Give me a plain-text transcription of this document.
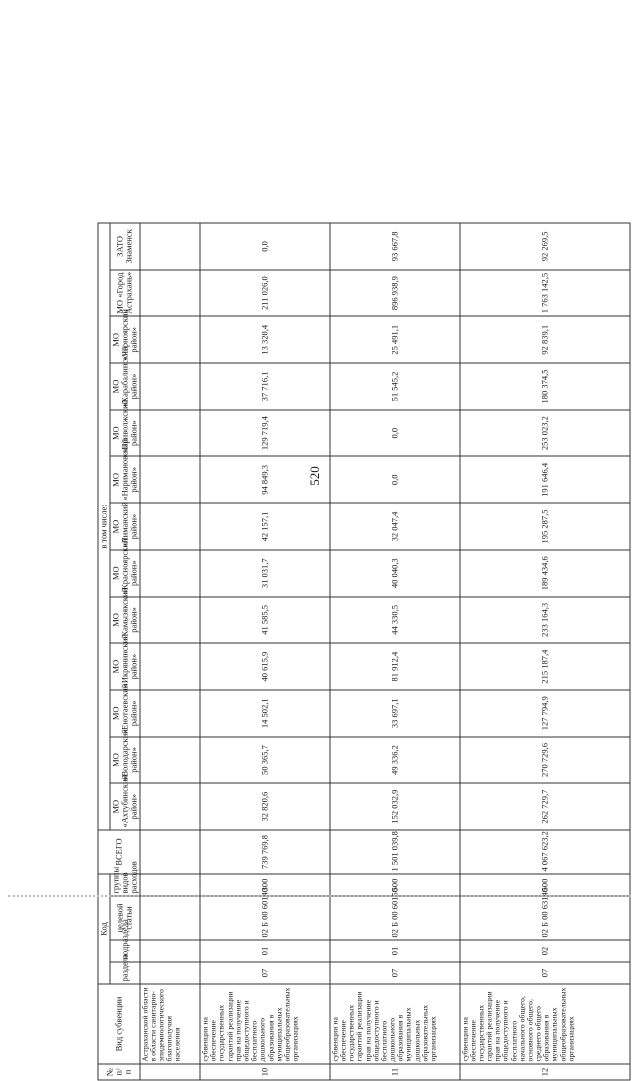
520
№ п/п	Вид субвенции	Код				ВСЕГО	в том числе:												
		раздела	подраздела	целевой статьи	группы видов расходов														
							МО «Ахтубинский район»	МО «Володарский район»	МО «Енотаевский район»	МО «Икрянинский район»	МО «Камызякский район»	МО «Красноярский район»	МО «Лиманский район»	МО «Наримановский район»	МО «Приволжский район»	МО «Харабалинский район»	МО «Черноярский район»	МО «Город Астрахань»	ЗАТО Знаменск
	Астраханской области в области санитарно-эпидемиологического благополучия населения																		
10	субвенции на обеспечение государственных гарантий реализации прав на получение общедоступного и бесплатного дошкольного образования в муниципальных общеобразовательных организациях	07	01	02 Б 00 60140	300	739 769,8	32 820,6	50 365,7	14 502,1	40 615,9	41 585,5	31 031,7	42 157,1	94 849,3	129 719,4	37 716,1	13 320,4	211 026,0	0,0
11	субвенции на обеспечение государственных гарантий реализации прав на получение общедоступного и бесплатного дошкольного образования в муниципальных дошкольных образовательных организациях	07	01	02 Б 00 60150	500	1 501 039,8	152 032,9	49 336,2	33 697,1	81 912,4	44 330,5	40 040,3	32 047,4	0,0	0,0	51 545,2	25 491,1	896 938,9	93 667,8
12	субвенции на обеспечение государственных гарантий реализации прав на получение общедоступного и бесплатного начального общего, основного общего, среднего общего образования в муниципальных общеобразовательных организациях	07	02	02 Б 00 63140	500	4 067 623,2	262 729,7	270 729,6	127 794,9	215 187,4	233 164,3	189 434,6	195 287,5	191 646,4	253 023,2	180 374,5	92 839,1	1 763 142,5	92 269,5
